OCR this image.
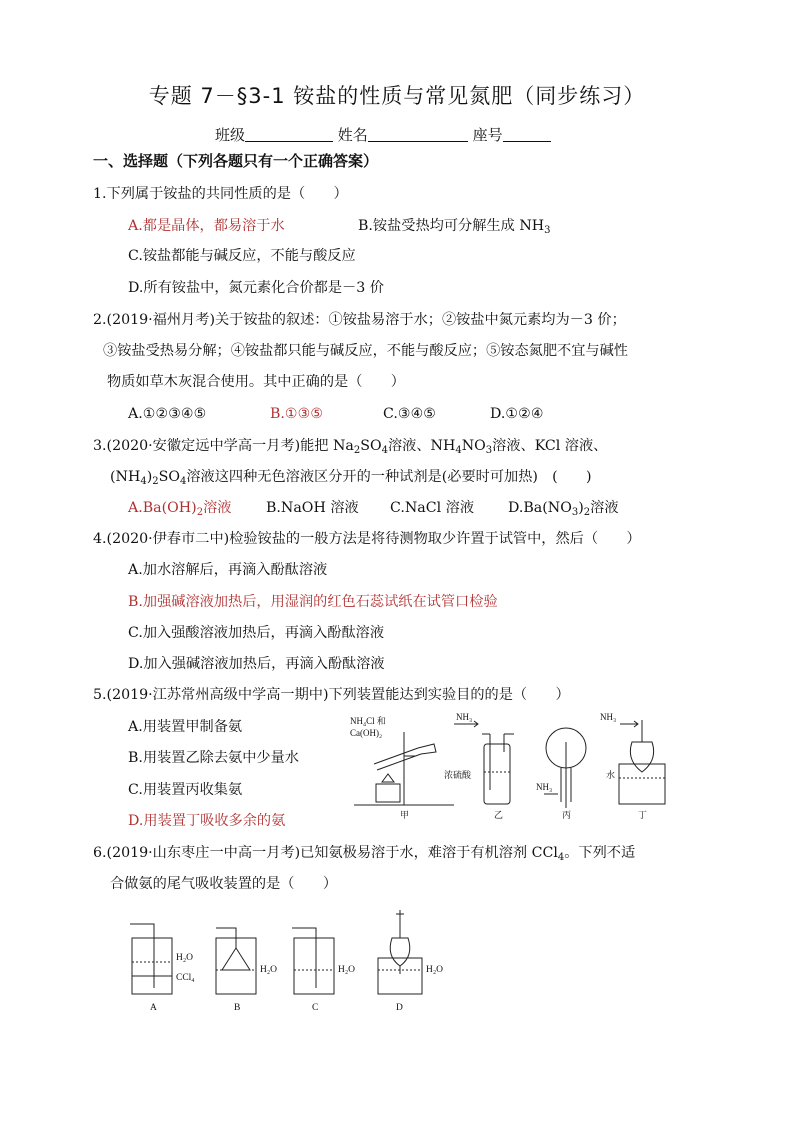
专题 7－§3-1 铵盐的性质与常见氮肥（同步练习）
班级	姓名	座号
一、选择题（下列各题只有一个正确答案）
1.下列属于铵盐的共同性质的是（　　）
A.都是晶体，都易溶于水	B.铵盐受热均可分解生成 $NH_3$
C.铵盐都能与碱反应，不能与酸反应
D.所有铵盐中，氮元素化合价都是－3 价
2.(2019·福州月考)关于铵盐的叙述：①铵盐易溶于水；②铵盐中氮元素均为－3 价；
③铵盐受热易分解；④铵盐都只能与碱反应，不能与酸反应；⑤铵态氮肥不宜与碱性
物质如草木灰混合使用。其中正确的是（　　）
A.①②③④⑤	B.①③⑤	C.③④⑤	D.①②④
3.(2020·安徽定远中学高一月考)能把 $Na_2SO_4$溶液、$NH_4NO_3$溶液、KCl 溶液、
$(NH_4)_2SO_4$溶液这四种无色溶液区分开的一种试剂是(必要时可加热)　(　　)
$A.Ba(OH)_2$溶液 B.NaOH 溶液 C.NaCl 溶液 $D.Ba(NO_3)_2$溶液
4.(2020·伊春市二中)检验铵盐的一般方法是将待测物取少许置于试管中，然后（　　）
A.加水溶解后，再滴入酚酞溶液
B.加强碱溶液加热后，用湿润的红色石蕊试纸在试管口检验
C.加入强酸溶液加热后，再滴入酚酞溶液
D.加入强碱溶液加热后，再滴入酚酞溶液
5.(2019·江苏常州高级中学高一期中)下列装置能达到实验目的的是（　　）
A.用装置甲制备氨
B.用装置乙除去氨中少量水
C.用装置丙收集氨
D.用装置丁吸收多余的氨
NH₄Cl 和
Ca(OH)₂
NH₃
浓硫酸
NH₃
NH₃
水
甲	乙	丙	丁
6.(2019·山东枣庄一中高一月考)已知氨极易溶于水，难溶于有机溶剂 CCl$_4$。下列不适
合做氨的尾气吸收装置的是（　　）
H₂O
CCl₄
H₂O	H₂O	H₂O
A	B	C	D
